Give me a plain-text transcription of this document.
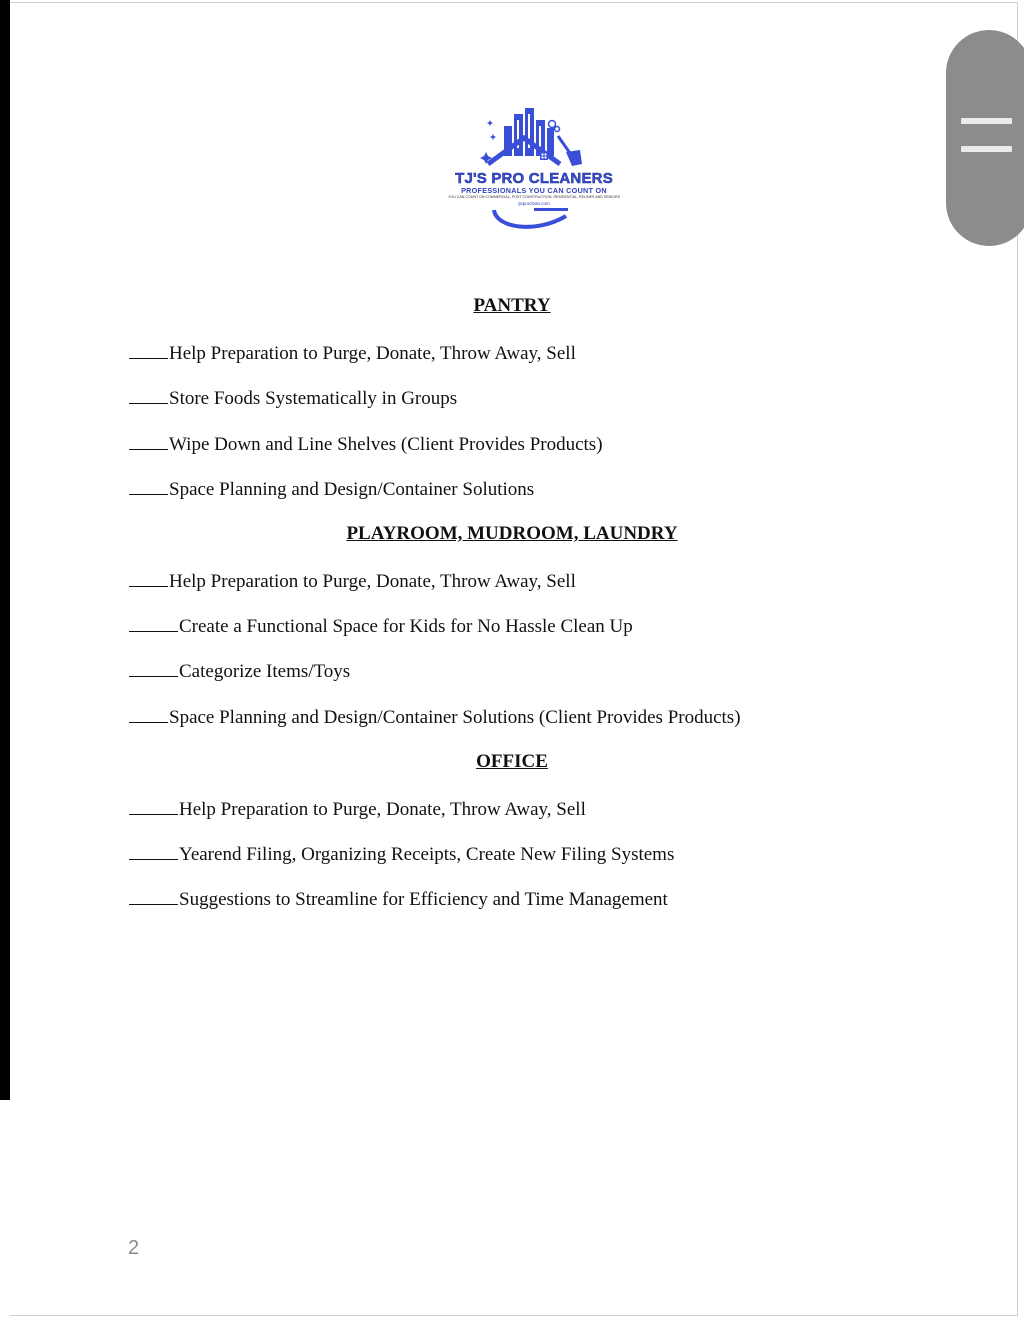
TJ'S PRO CLEANERS
PROFESSIONALS YOU CAN COUNT ON
YOU CAN COUNT ON COMMERCIAL, POST CONSTRUCTION, RESIDENTIAL, RELINES AND SENIORS
tjsproclean.com
PANTRY
Help Preparation to Purge, Donate, Throw Away, Sell
Store Foods Systematically in Groups
Wipe Down and Line Shelves (Client Provides Products)
Space Planning and Design/Container Solutions
PLAYROOM, MUDROOM, LAUNDRY
Help Preparation to Purge, Donate, Throw Away, Sell
Create a Functional Space for Kids for No Hassle Clean Up
Categorize Items/Toys
Space Planning and Design/Container Solutions (Client Provides Products)
OFFICE
Help Preparation to Purge, Donate, Throw Away, Sell
Yearend Filing, Organizing Receipts, Create New Filing Systems
Suggestions to Streamline for Efficiency and Time Management
2
